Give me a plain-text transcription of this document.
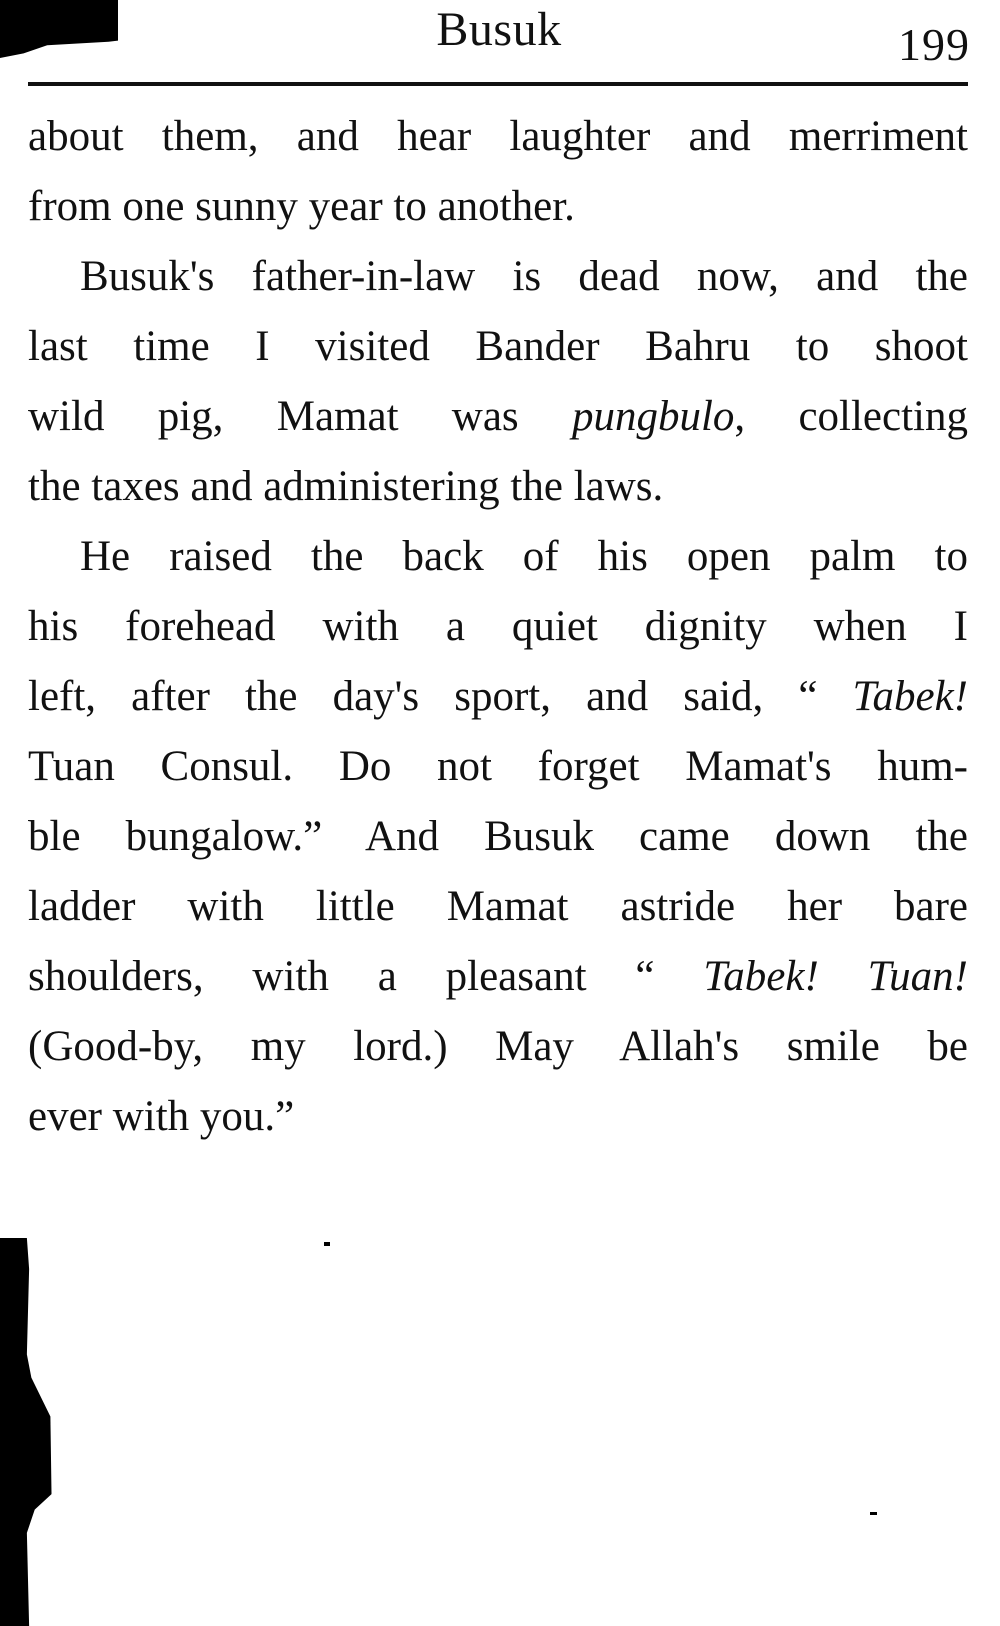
Busuk	199
about them, and hear laughter and merriment
from one sunny year to another.
Busuk's father-in-law is dead now, and the
last time I visited Bander Bahru to shoot
wild pig, Mamat was pungbulo, collecting
the taxes and administering the laws.
He raised the back of his open palm to
his forehead with a quiet dignity when I
left, after the day's sport, and said, “ Tabek!
Tuan Consul. Do not forget Mamat's hum-
ble bungalow.” And Busuk came down the
ladder with little Mamat astride her bare
shoulders, with a pleasant “ Tabek! Tuan!
(Good-by, my lord.) May Allah's smile be
ever with you.”
